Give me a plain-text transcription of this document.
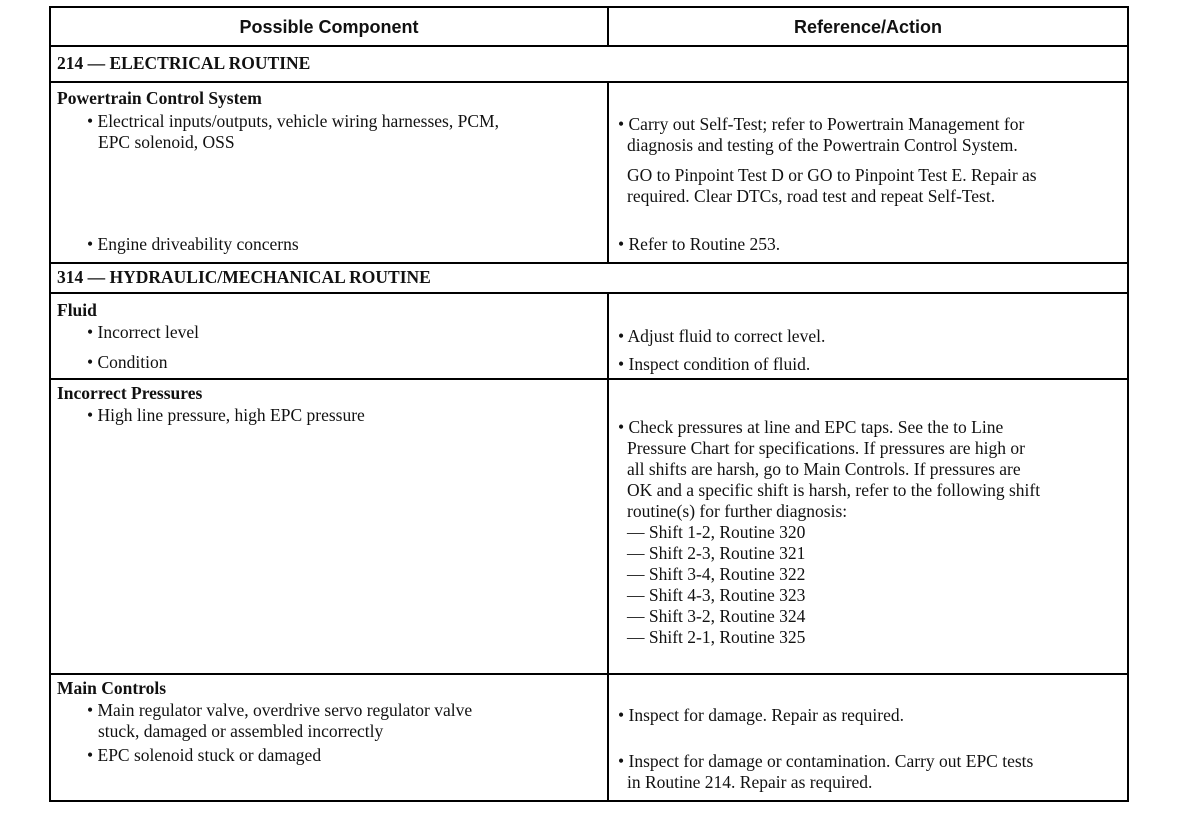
Possible Component	Reference/Action
214 — ELECTRICAL ROUTINE
Powertrain Control System
• Electrical inputs/outputs, vehicle wiring harnesses, PCM,
EPC solenoid, OSS
• Carry out Self-Test; refer to Powertrain Management for
diagnosis and testing of the Powertrain Control System.
GO to Pinpoint Test D or GO to Pinpoint Test E. Repair as
required. Clear DTCs, road test and repeat Self-Test.
• Engine driveability concerns	• Refer to Routine 253.
314 — HYDRAULIC/MECHANICAL ROUTINE
Fluid
• Incorrect level
• Condition
• Adjust fluid to correct level.
• Inspect condition of fluid.
Incorrect Pressures
• High line pressure, high EPC pressure
• Check pressures at line and EPC taps. See the to Line
Pressure Chart for specifications. If pressures are high or
all shifts are harsh, go to Main Controls. If pressures are
OK and a specific shift is harsh, refer to the following shift
routine(s) for further diagnosis:
— Shift 1-2, Routine 320
— Shift 2-3, Routine 321
— Shift 3-4, Routine 322
— Shift 4-3, Routine 323
— Shift 3-2, Routine 324
— Shift 2-1, Routine 325
Main Controls
• Main regulator valve, overdrive servo regulator valve
stuck, damaged or assembled incorrectly
• EPC solenoid stuck or damaged
• Inspect for damage. Repair as required.
• Inspect for damage or contamination. Carry out EPC tests
in Routine 214. Repair as required.
